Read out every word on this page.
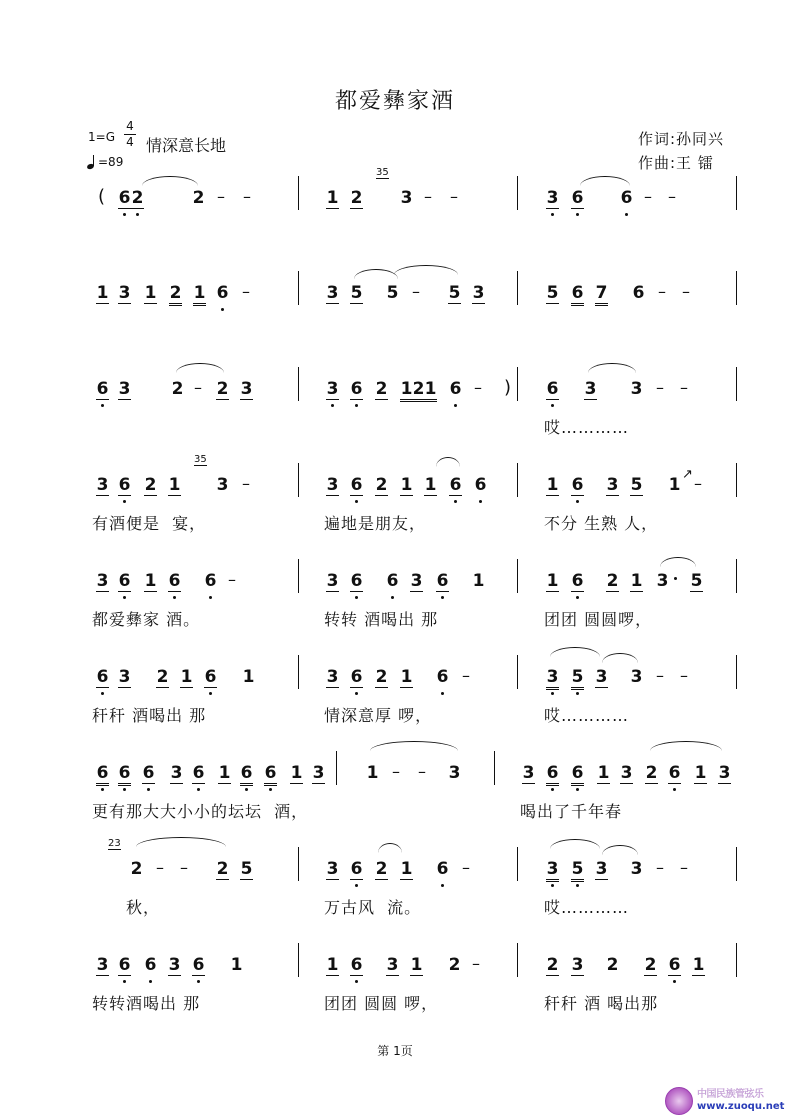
都爱彝家酒
1=G
4
4 情深意长地
=89
作词:孙同兴
作曲:王 镭
( 6 2	2 – –	1 2
35
3 – –	3 6 6 – –
1 3 1 2 1 6 –	3 5 5 – 5 3	5 6 7 6 – –
6 3 2 – 2 3	3 6 2 1 2 1 6 – ) 6 3 3 – –
哎…………
3 6 2 1
35
3 –	3 6 2 1 1 6 6	1 6 3 5 1
↗ –
有酒便是  宴，	遍地是朋友，	不分 生熟 人，
3 6 1 6 6 –	3 6 6 3 6 1	1 6 2 1 3 5
都爱彝家 酒。	转转 酒喝出 那	团团 圆圆啰，
6 3 2 1 6 1	3 6 2 1 6 –	3 5 3 3 – –
秆秆 酒喝出 那	情深意厚 啰，	哎…………
6 6 6 3 6 1 6 6 1 3 1 – – 3	3 6 6 1 3 2 6 1 3
更有那大大小小的坛坛  酒，	喝出了千年春
23
2 – – 2 5	3 6 2 1 6 –	3 5 3 3 – –
秋，	万古风  流。	哎…………
3 6 6 3 6 1	1 6 3 1 2 –	2 3 2 2 6 1
转转酒喝出 那	团团 圆圆 啰，	秆秆 酒 喝出那
第 1页
中国民族管弦乐
www.zuoqu.net
